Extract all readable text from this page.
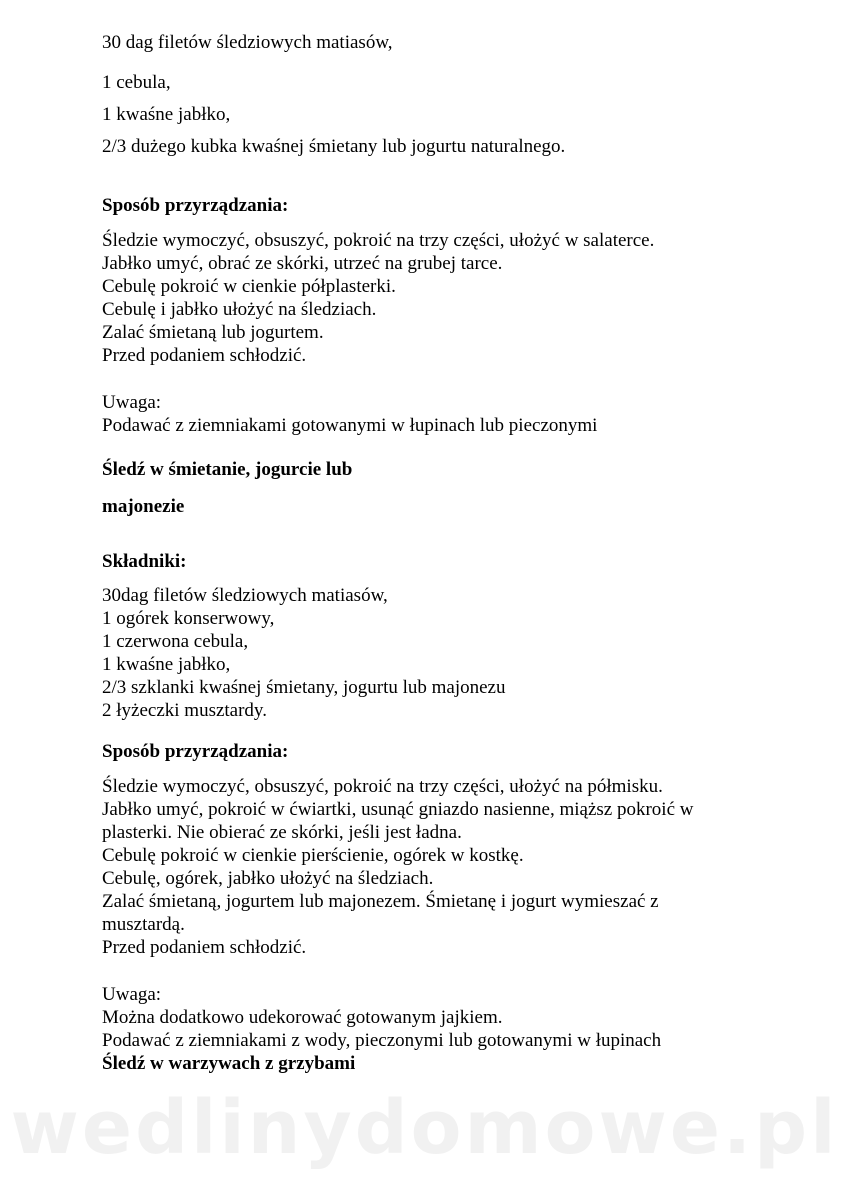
30 dag filetów śledziowych matiasów,
1 cebula,
1 kwaśne jabłko,
2/3 dużego kubka kwaśnej śmietany lub jogurtu naturalnego.
Sposób przyrządzania:
Śledzie wymoczyć, obsuszyć, pokroić na trzy części, ułożyć w salaterce.
Jabłko umyć, obrać ze skórki, utrzeć na grubej tarce.
Cebulę pokroić w cienkie półplasterki.
Cebulę i jabłko ułożyć na śledziach.
Zalać śmietaną lub jogurtem.
Przed podaniem schłodzić.
Uwaga:
Podawać z ziemniakami gotowanymi w łupinach lub pieczonymi
Śledź w śmietanie, jogurcie lub
majonezie
Składniki:
30dag filetów śledziowych matiasów,
1 ogórek konserwowy,
1 czerwona cebula,
1 kwaśne jabłko,
2/3 szklanki kwaśnej śmietany, jogurtu lub majonezu
2 łyżeczki musztardy.
Sposób przyrządzania:
Śledzie wymoczyć, obsuszyć, pokroić na trzy części, ułożyć na półmisku.
Jabłko umyć, pokroić w ćwiartki, usunąć gniazdo nasienne, miąższ pokroić w
plasterki. Nie obierać ze skórki, jeśli jest ładna.
Cebulę pokroić w cienkie pierścienie, ogórek w kostkę.
Cebulę, ogórek, jabłko ułożyć na śledziach.
Zalać śmietaną, jogurtem lub majonezem. Śmietanę i jogurt wymieszać z
musztardą.
Przed podaniem schłodzić.
Uwaga:
Można dodatkowo udekorować gotowanym jajkiem.
Podawać z ziemniakami z wody, pieczonymi lub gotowanymi w łupinach
Śledź w warzywach z grzybami
wedlinydomowe.pl
